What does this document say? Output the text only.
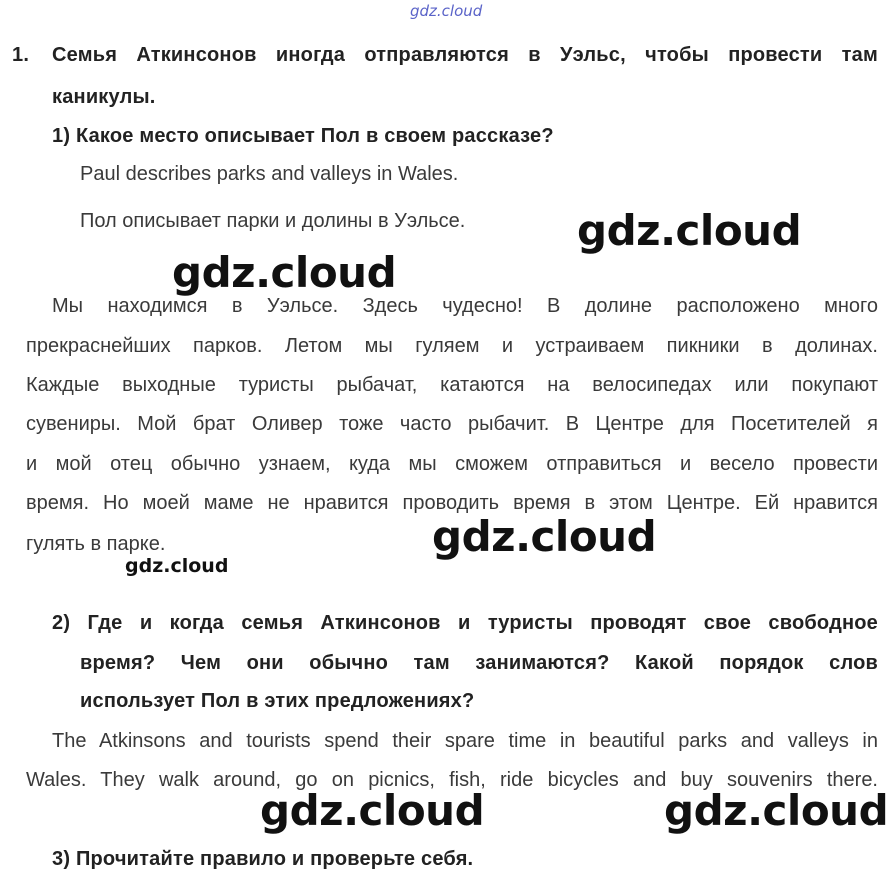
gdz.cloud
1. Семья Аткинсонов иногда отправляются в Уэльс, чтобы провести там
каникулы.
1) Какое место описывает Пол в своем рассказе?
Paul describes parks and valleys in Wales.
Пол описывает парки и долины в Уэльсе.	gdz.cloud
gdz.cloud
Мы находимся в Уэльсе. Здесь чудесно! В долине расположено много
прекраснейших парков. Летом мы гуляем и устраиваем пикники в долинах.
Каждые выходные туристы рыбачат, катаются на велосипедах или покупают
сувениры. Мой брат Оливер тоже часто рыбачит. В Центре для Посетителей я
и мой отец обычно узнаем, куда мы сможем отправиться и весело провести
время. Но моей маме не нравится проводить время в этом Центре. Ей нравится
гулять в парке.	gdz.cloud
gdz.cloud
2) Где и когда семья Аткинсонов и туристы проводят свое свободное
время? Чем они обычно там занимаются? Какой порядок слов
использует Пол в этих предложениях?
The Atkinsons and tourists spend their spare time in beautiful parks and valleys in
Wales. They walk around, go on picnics, fish, ride bicycles and buy souvenirs there.
gdz.cloud	gdz.cloud
3) Прочитайте правило и проверьте себя.
